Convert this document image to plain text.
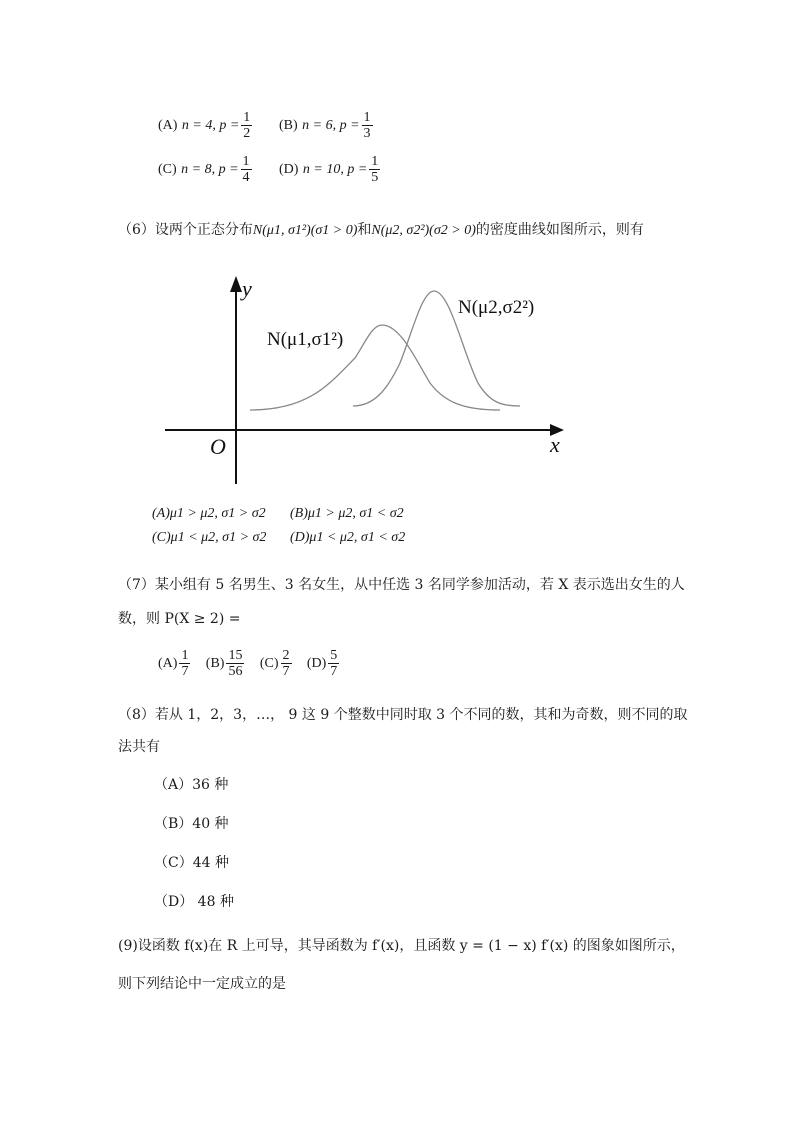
(A)
n = 4, $p = \frac{1}{2} (B)$
n = 6, $p = \frac{1}{3}$
(C)
n = 8, $p = \frac{1}{4} (D)$
n = 10, $p = \frac{1}{5}$
（6）设两个正态分布N(μ1, σ1²)(σ1 > 0)和N(μ2, σ2²)(σ2 > 0)的密度曲线如图所示，则有
y
x
O
N(μ1,σ1²)
N(μ2,σ2²)
(A)μ1 > μ2, σ1 > σ2 (B)μ1 > μ2, σ1 < σ2
(C)μ1 < μ2, σ1 > σ2 (D)μ1 < μ2, σ1 < σ2
（7）某小组有 5 名男生、3 名女生，从中任选 3 名同学参加活动，若 X 表示选出女生的人
数，则 P(X ≥ 2) =
$(A) \frac{1}{7}$
$(B) \frac{15}{56}$
$(C) \frac{2}{7}$
$(D) \frac{5}{7}$
（8）若从 1，2，3，…， 9 这 9 个整数中同时取 3 个不同的数，其和为奇数，则不同的取
法共有
（A）36 种
（B）40 种
（C）44 种
（D） 48 种
(9)设函数 f(x)在 R 上可导，其导函数为 f′(x)，且函数 y = (1 − x) f′(x) 的图象如图所示，
则下列结论中一定成立的是
